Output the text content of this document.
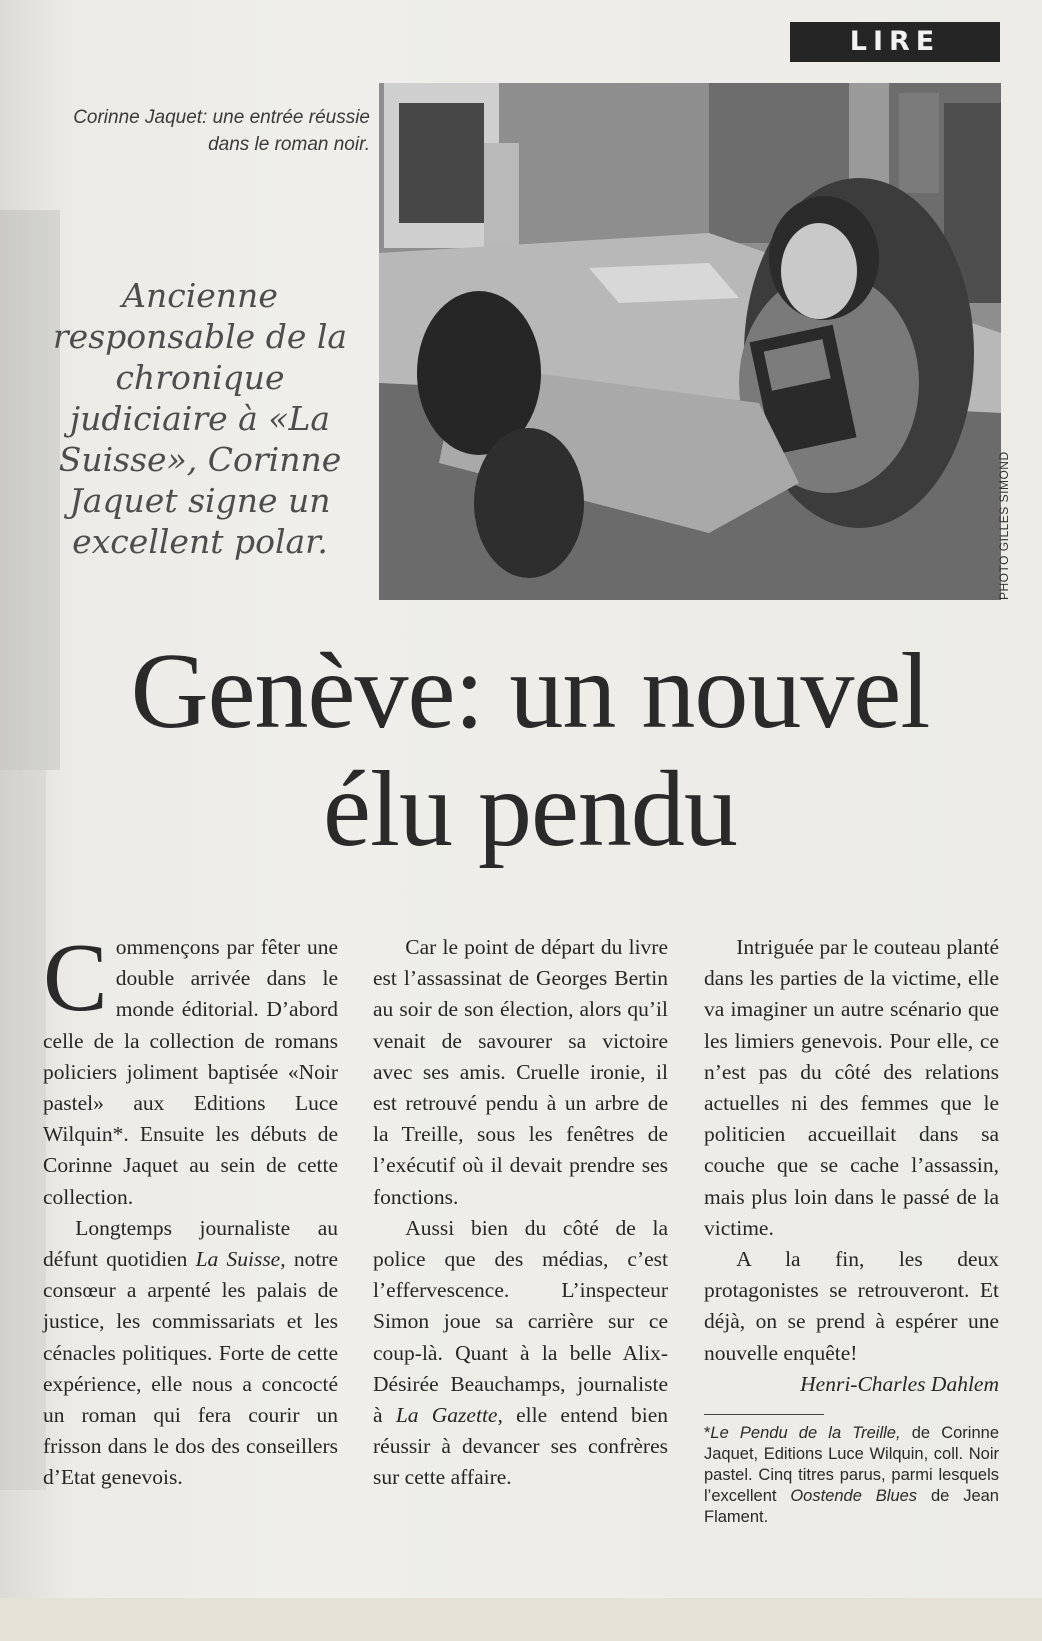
LIRE
Corinne Jaquet: une entrée réussie dans le roman noir.
PHOTO GILLES SIMOND
Ancienne responsable de la chronique judiciaire à «La Suisse», Corinne Jaquet signe un excellent polar.
Genève: un nouvel
élu pendu

Commençons par fêter une double arrivée dans le monde éditorial. D’abord celle de la collection de romans policiers joliment baptisée «Noir pastel» aux Editions Luce Wilquin*. Ensuite les débuts de Corinne Jaquet au sein de cette collection.

Longtemps journaliste au défunt quotidien La Suisse, notre consœur a arpenté les palais de justice, les commissariats et les cénacles politiques. Forte de cette expérience, elle nous a concocté un roman qui fera courir un frisson dans le dos des conseillers d’Etat genevois.

Car le point de départ du livre est l’assassinat de Georges Bertin au soir de son élection, alors qu’il venait de savourer sa victoire avec ses amis. Cruelle ironie, il est retrouvé pendu à un arbre de la Treille, sous les fenêtres de l’exécutif où il devait prendre ses fonctions.

Aussi bien du côté de la police que des médias, c’est l’effervescence. L’inspecteur Simon joue sa carrière sur ce coup-là. Quant à la belle Alix-Désirée Beauchamps, journaliste à La Gazette, elle entend bien réussir à devancer ses confrères sur cette affaire.

Intriguée par le couteau planté dans les parties de la victime, elle va imaginer un autre scénario que les limiers genevois. Pour elle, ce n’est pas du côté des relations actuelles ni des femmes que le politicien accueillait dans sa couche que se cache l’assassin, mais plus loin dans le passé de la victime.

A la fin, les deux protagonistes se retrouveront. Et déjà, on se prend à espérer une nouvelle enquête!

Henri-Charles Dahlem

*Le Pendu de la Treille, de Corinne Jaquet, Editions Luce Wilquin, coll. Noir pastel. Cinq titres parus, parmi lesquels l’excellent Oostende Blues de Jean Flament.
